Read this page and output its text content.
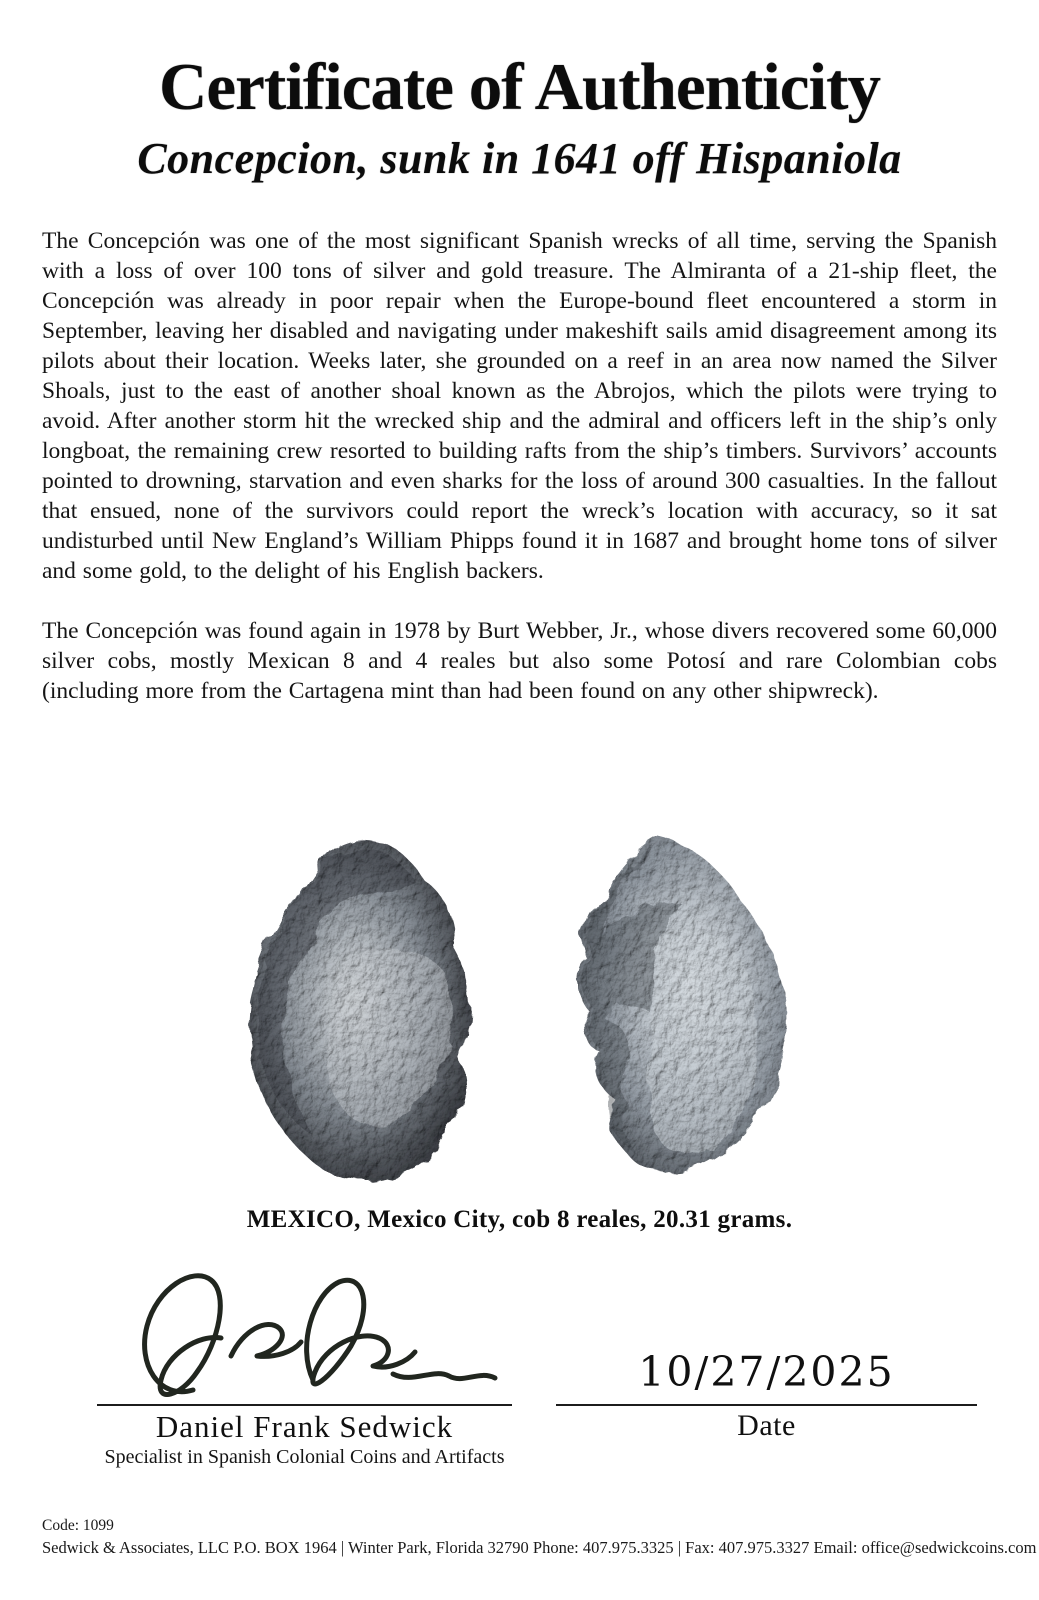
Certificate of Authenticity
Concepcion, sunk in 1641 off Hispaniola

The Concepción was one of the most significant Spanish wrecks of all time, serving the Spanish with a loss of over 100 tons of silver and gold treasure. The Almiranta of a 21-ship fleet, the Concepción was already in poor repair when the Europe-bound fleet encountered a storm in September, leaving her disabled and navigating under makeshift sails amid disagreement among its pilots about their location. Weeks later, she grounded on a reef in an area now named the Silver Shoals, just to the east of another shoal known as the Abrojos, which the pilots were trying to avoid. After another storm hit the wrecked ship and the admiral and officers left in the ship’s only longboat, the remaining crew resorted to building rafts from the ship’s timbers. Survivors’ accounts pointed to drowning, starvation and even sharks for the loss of around 300 casualties. In the fallout that ensued, none of the survivors could report the wreck’s location with accuracy, so it sat undisturbed until New England’s William Phipps found it in 1687 and brought home tons of silver and some gold, to the delight of his English backers.

The Concepción was found again in 1978 by Burt Webber, Jr., whose divers recovered some 60,000 silver cobs, mostly Mexican 8 and 4 reales but also some Potosí and rare Colombian cobs (including more from the Cartagena mint than had been found on any other shipwreck).

MEXICO, Mexico City, cob 8 reales, 20.31 grams.
Daniel Frank Sedwick
Specialist in Spanish Colonial Coins and Artifacts
10/27/2025
Date
Code: 1099
Sedwick & Associates, LLC P.O. BOX 1964 | Winter Park, Florida 32790 Phone: 407.975.3325 | Fax: 407.975.3327 Email: office@sedwickcoins.com
